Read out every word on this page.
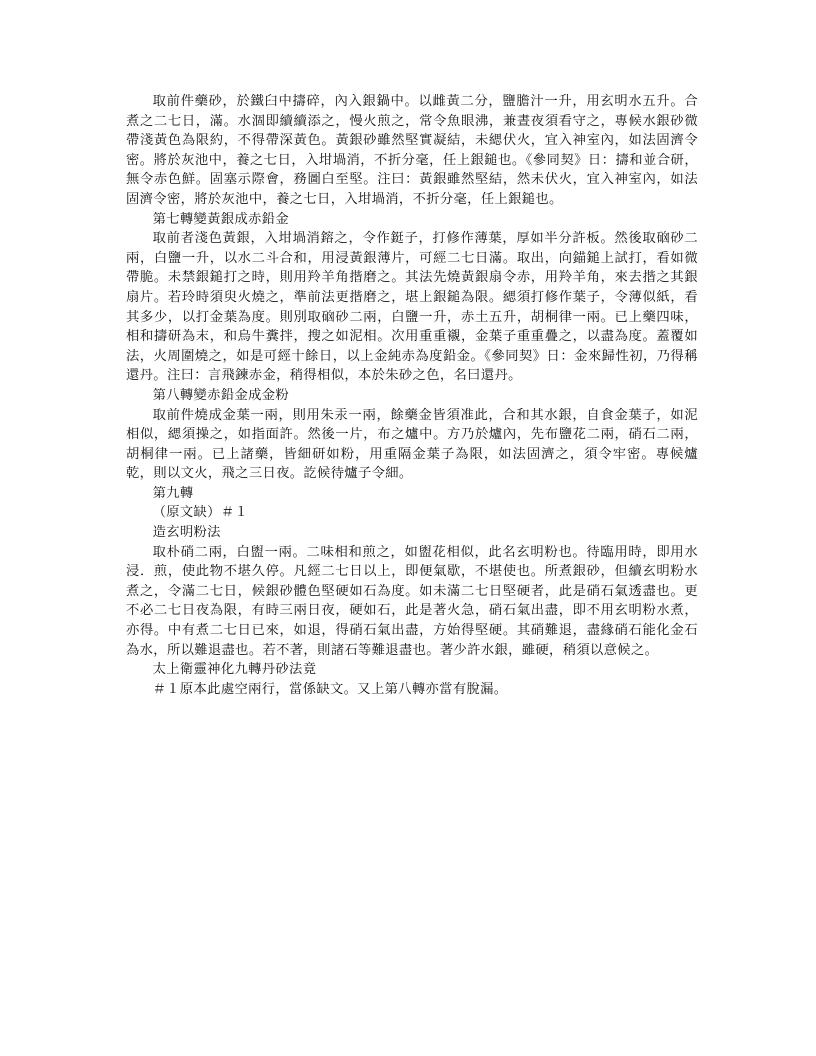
取前件藥砂，於鐵臼中擣碎，內入銀鍋中。以雌黃二分，鹽膽汁一升，用玄明水五升。合煮之二七日，滿。水涸即續續添之，慢火煎之，常令魚眼沸，兼晝夜須看守之，專候水銀砂微帶淺黃色為限約，不得帶深黃色。黃銀砂雖然堅實凝結，未緦伏火，宜入神室內，如法固濟令密。將於灰池中，養之七日，入坩堝消，不折分毫，任上銀鎚也。《參同契》日：擣和並合研，無令赤色鮮。固塞示際會，務圖白至堅。注曰：黃銀雖然堅結，然未伏火，宜入神室內，如法固濟令密，將於灰池中，養之七日，入坩堝消，不折分毫，任上銀鎚也。

第七轉變黃銀成赤鉛金

取前者淺色黃銀，入坩堝消鎔之，令作鋌子，打修作薄葉，厚如半分許板。然後取硇砂二兩，白鹽一升，以水二斗合和，用浸黃銀薄片，可經二七日滿。取出，向錨鎚上試打，看如微帶脆。未禁銀鎚打之時，則用羚羊角揩磨之。其法先燒黃銀扇令赤，用羚羊角，來去揩之其銀扇片。若玲時須臾火燒之，準前法更揩磨之，堪上銀鎚為限。緦須打修作葉子，令薄似紙，看其多少，以打金葉為度。則別取硇砂二兩，白鹽一升，赤土五升，胡桐律一兩。已上藥四味，相和擣研為末，和烏牛糞拌，搜之如泥相。次用重重襯，金葉子重重疊之，以盡為度。蓋覆如法，火周圍燒之，如是可經十餘日，以上金純赤為度鉛金。《參同契》日：金來歸性初，乃得稱還丹。注曰：言飛鍊赤金，稍得相似，本於朱砂之色，名曰還丹。

第八轉變赤鉛金成金粉

取前件燒成金葉一兩，則用朱汞一兩，餘藥金皆須准此，合和其水銀，自食金葉子，如泥相似，緦須操之，如指面許。然後一片，布之爐中。方乃於爐內，先布鹽花二兩，硝石二兩，胡桐律一兩。已上諸藥，皆細研如粉，用重隔金葉子為限，如法固濟之，須令牢密。專候爐乾，則以文火，飛之三日夜。訖候待爐子令細。

第九轉

（原文缺）＃１

造玄明粉法

取朴硝二兩，白盥一兩。二味相和煎之，如盥花相似，此名玄明粉也。待臨用時，即用水浸．煎，使此物不堪久停。凡經二七日以上，即便氣歇，不堪使也。所煮銀砂，但續玄明粉水煮之，令滿二七日，候銀砂體色堅硬如石為度。如未滿二七日堅硬者，此是硝石氣透盡也。更不必二七日夜為限，有時三兩日夜，硬如石，此是著火急，硝石氣出盡，即不用玄明粉水煮，亦得。中有煮二七日已來，如退，得硝石氣出盡，方始得堅硬。其硝難退，盡緣硝石能化金石為水，所以難退盡也。若不著，則諸石等難退盡也。著少許水銀，雖硬，稍須以意候之。

太上衛靈神化九轉丹砂法竟

＃１原本此處空兩行，當係缺文。又上第八轉亦當有脫漏。
